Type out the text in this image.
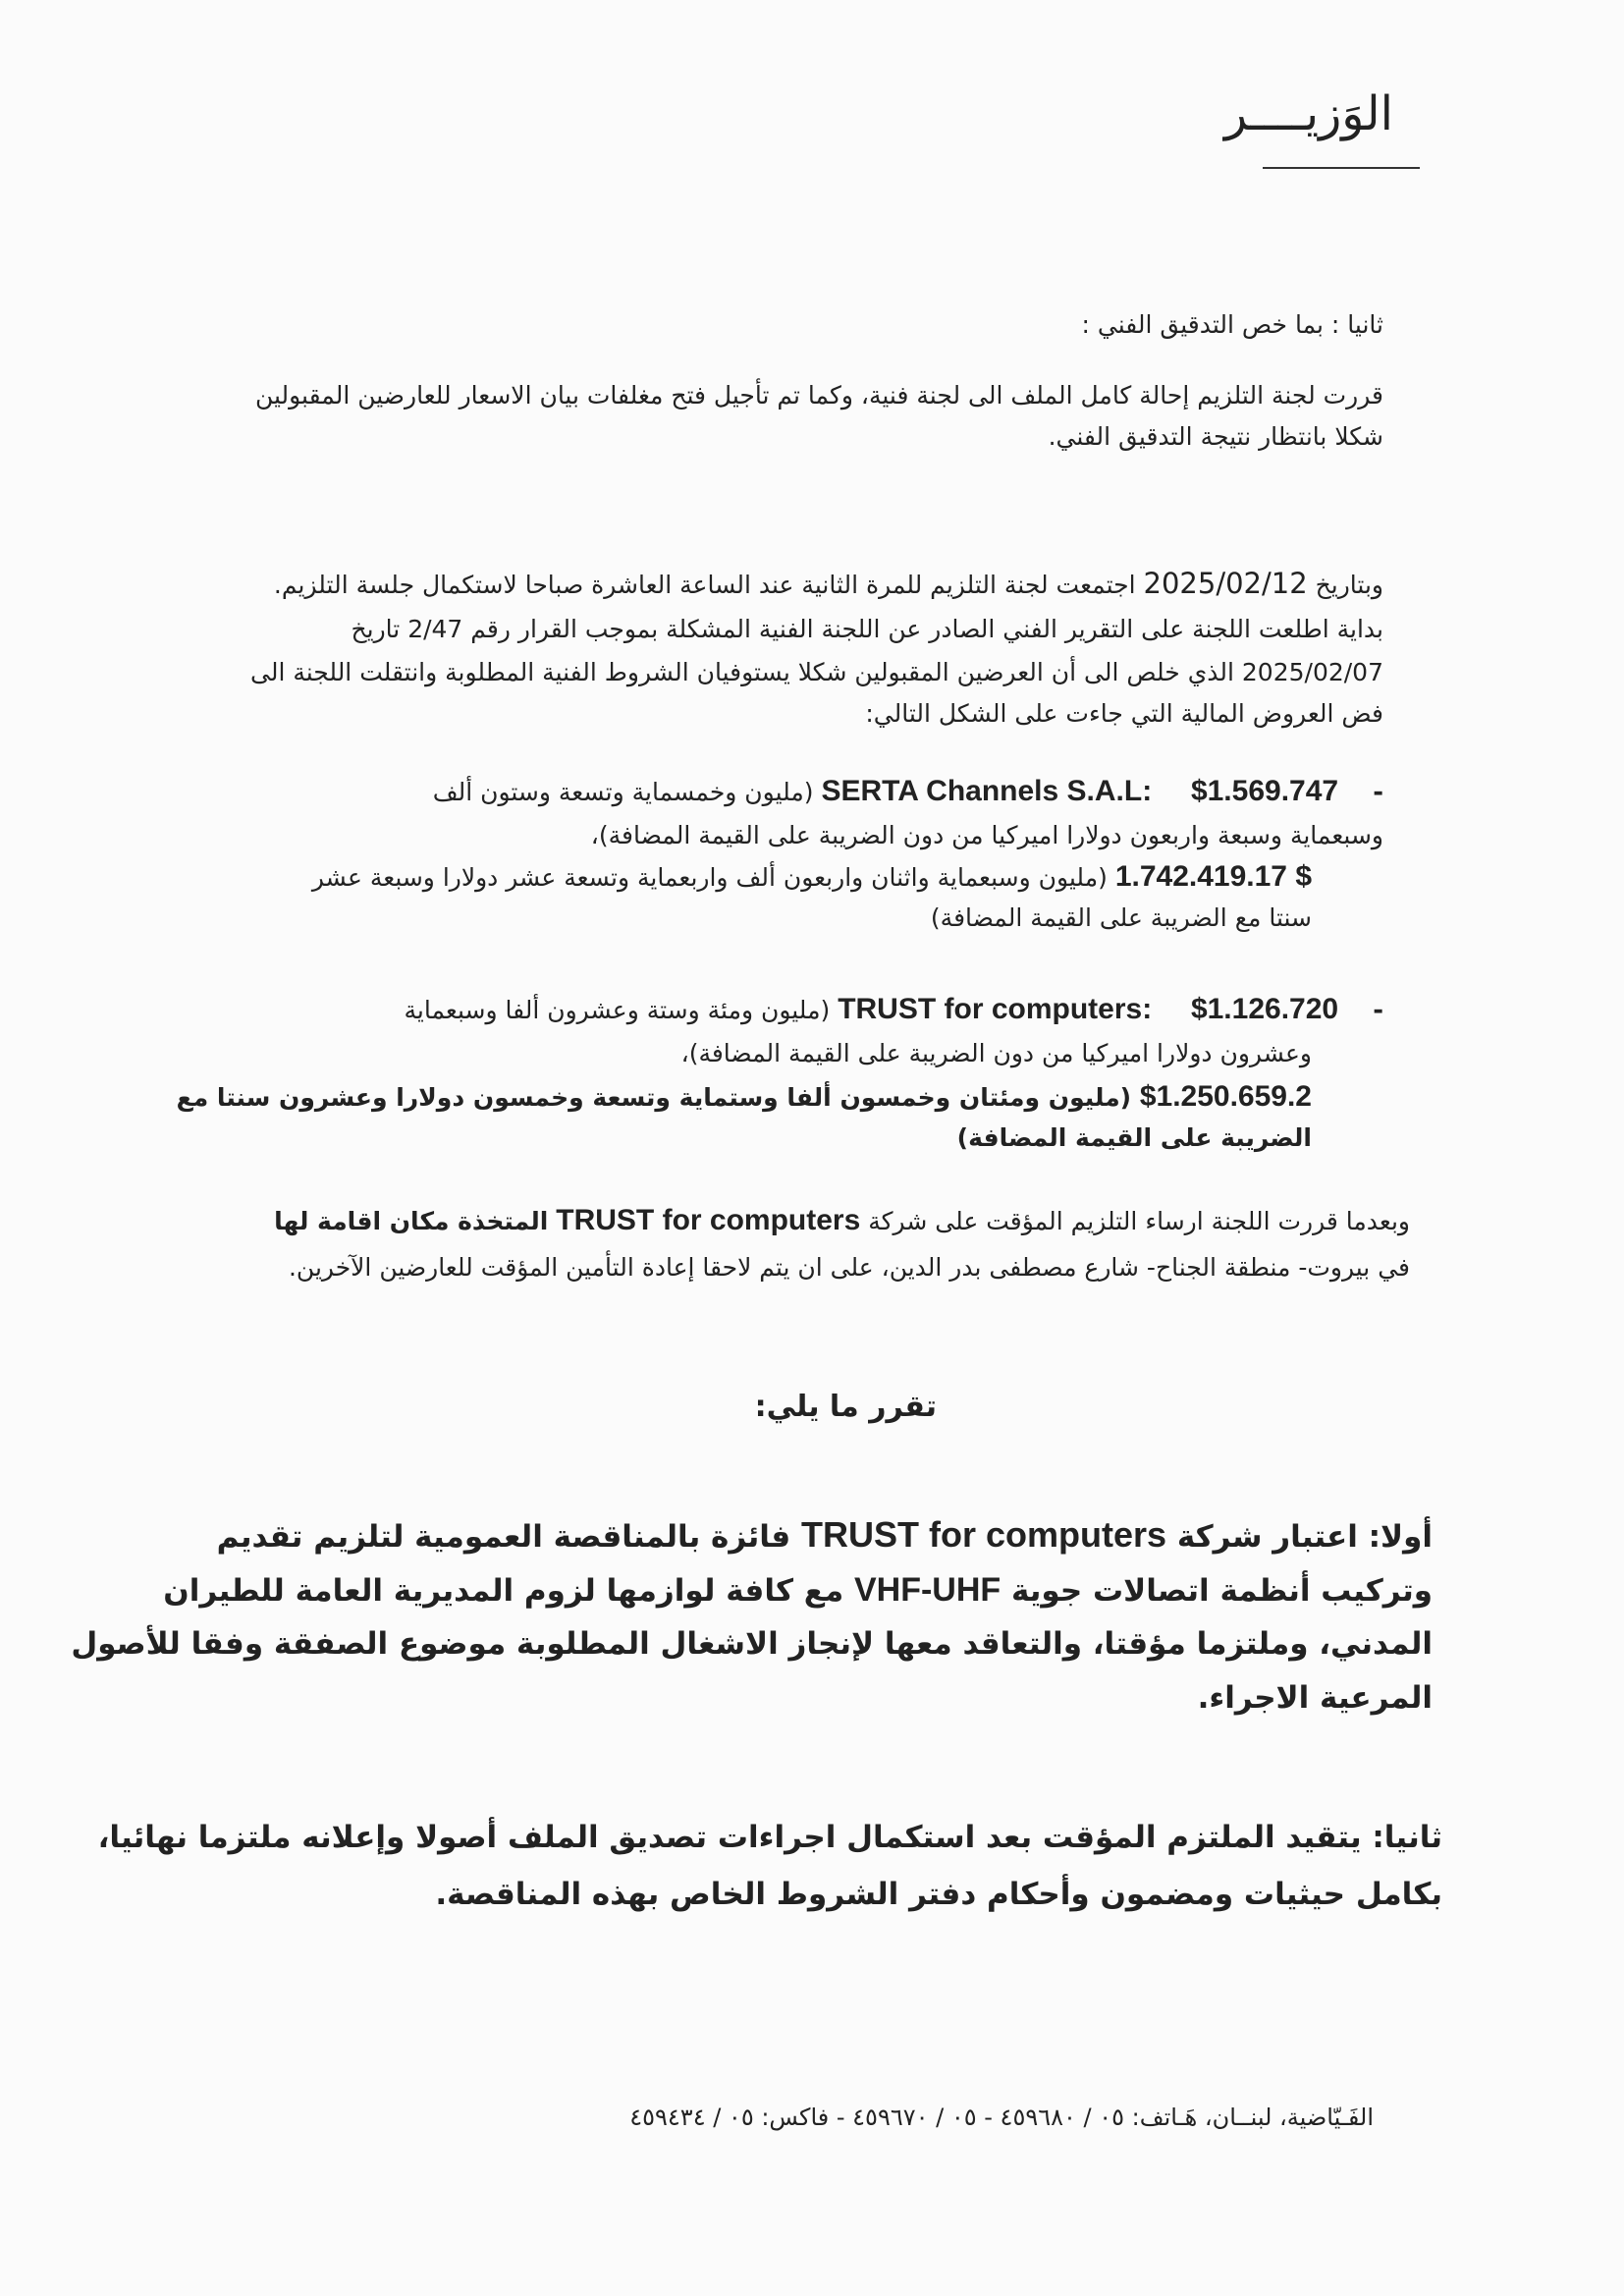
الوَزيــــر
ثانيا : بما خص التدقيق الفني :
قررت لجنة التلزيم إحالة كامل الملف الى لجنة فنية، وكما تم تأجيل فتح مغلفات بيان الاسعار للعارضين المقبولين
شكلا بانتظار نتيجة التدقيق الفني.
وبتاريخ 2025/02/12 اجتمعت لجنة التلزيم للمرة الثانية عند الساعة العاشرة صباحا لاستكمال جلسة التلزيم.
بداية اطلعت اللجنة على التقرير الفني الصادر عن اللجنة الفنية المشكلة بموجب القرار رقم 2/47 تاريخ
2025/02/07 الذي خلص الى أن العرضين المقبولين شكلا يستوفيان الشروط الفنية المطلوبة وانتقلت اللجنة الى
فض العروض المالية التي جاءت على الشكل التالي:
-    SERTA Channels S.A.L: $1.569.747 (مليون وخمسماية وتسعة وستون ألف
وسبعماية وسبعة واربعون دولارا اميركيا من دون الضريبة على القيمة المضافة)،
1.742.419.17 $ (مليون وسبعماية واثنان واربعون ألف واربعماية وتسعة عشر دولارا وسبعة عشر
سنتا مع الضريبة على القيمة المضافة)
-    TRUST for computers: $1.126.720 (مليون ومئة وستة وعشرون ألفا وسبعماية
وعشرون دولارا اميركيا من دون الضريبة على القيمة المضافة)،
$1.250.659.2 (مليون ومئتان وخمسون ألفا وستماية وتسعة وخمسون دولارا وعشرون سنتا مع
الضريبة على القيمة المضافة)
وبعدما قررت اللجنة ارساء التلزيم المؤقت على شركة TRUST for computers المتخذة مكان اقامة لها
في بيروت- منطقة الجناح- شارع مصطفى بدر الدين، على ان يتم لاحقا إعادة التأمين المؤقت للعارضين الآخرين.
تقرر ما يلي:
أولا: اعتبار شركة TRUST for computers فائزة بالمناقصة العمومية لتلزيم تقديم
وتركيب أنظمة اتصالات جوية VHF-UHF مع كافة لوازمها لزوم المديرية العامة للطيران
المدني، وملتزما مؤقتا، والتعاقد معها لإنجاز الاشغال المطلوبة موضوع الصفقة وفقا للأصول
المرعية الاجراء.
ثانيا: يتقيد الملتزم المؤقت بعد استكمال اجراءات تصديق الملف أصولا وإعلانه ملتزما نهائيا،
بكامل حيثيات ومضمون وأحكام دفتر الشروط الخاص بهذه المناقصة.
الفَـيّاضية، لبنــان، هَـاتف: ٠٥ / ٤٥٩٦٨٠ - ٠٥ / ٤٥٩٦٧٠ - فاكس: ٠٥ / ٤٥٩٤٣٤
